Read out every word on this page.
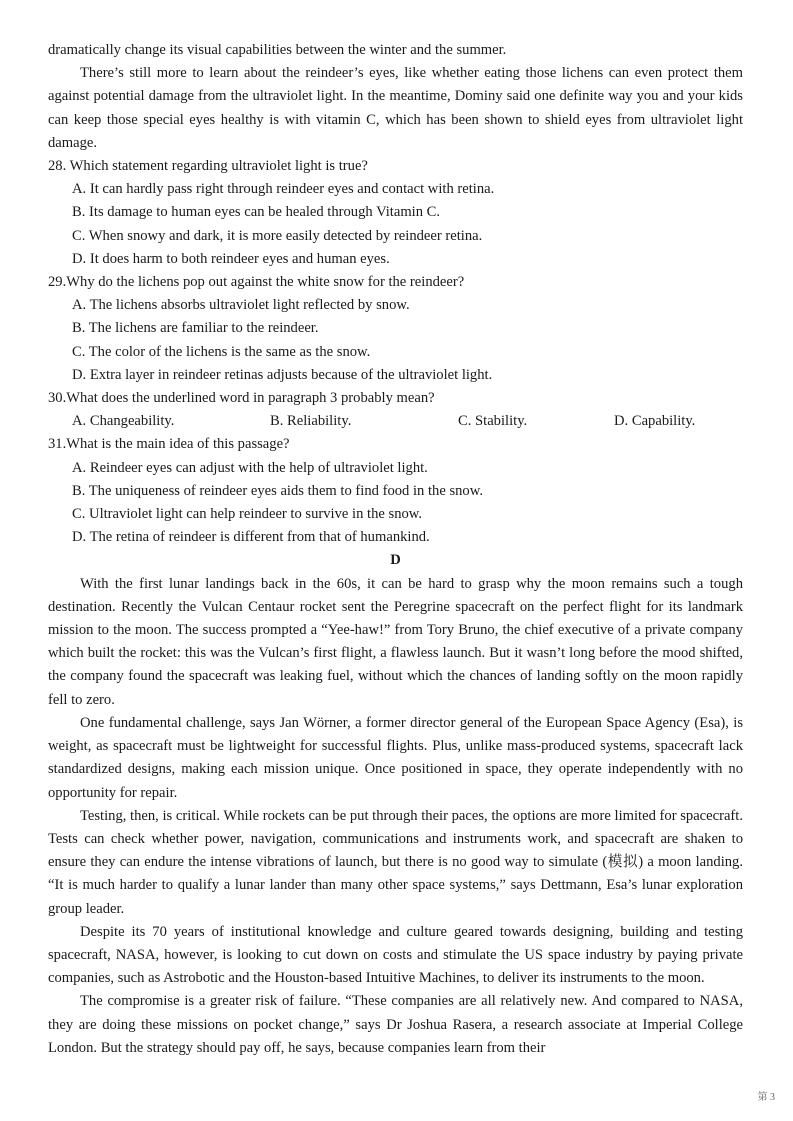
dramatically change its visual capabilities between the winter and the summer.

There’s still more to learn about the reindeer’s eyes, like whether eating those lichens can even protect them against potential damage from the ultraviolet light. In the meantime, Dominy said one definite way you and your kids can keep those special eyes healthy is with vitamin C, which has been shown to shield eyes from ultraviolet light damage.

28. Which statement regarding ultraviolet light is true?

A. It can hardly pass right through reindeer eyes and contact with retina.

B. Its damage to human eyes can be healed through Vitamin C.

C. When snowy and dark, it is more easily detected by reindeer retina.

D. It does harm to both reindeer eyes and human eyes.

29.Why do the lichens pop out against the white snow for the reindeer?

A. The lichens absorbs ultraviolet light reflected by snow.

B. The lichens are familiar to the reindeer.

C. The color of the lichens is the same as the snow.

D. Extra layer in reindeer retinas adjusts because of the ultraviolet light.

30.What does the underlined word in paragraph 3 probably mean?

A. Changeability.	B. Reliability.	C. Stability.	D. Capability.

31.What is the main idea of this passage?

A. Reindeer eyes can adjust with the help of ultraviolet light.

B. The uniqueness of reindeer eyes aids them to find food in the snow.

C. Ultraviolet light can help reindeer to survive in the snow.

D. The retina of reindeer is different from that of humankind.

D

With the first lunar landings back in the 60s, it can be hard to grasp why the moon remains such a tough destination. Recently the Vulcan Centaur rocket sent the Peregrine spacecraft on the perfect flight for its landmark mission to the moon. The success prompted a “Yee-haw!” from Tory Bruno, the chief executive of a private company which built the rocket: this was the Vulcan’s first flight, a flawless launch. But it wasn’t long before the mood shifted, the company found the spacecraft was leaking fuel, without which the chances of landing softly on the moon rapidly fell to zero.

One fundamental challenge, says Jan Wörner, a former director general of the European Space Agency (Esa), is weight, as spacecraft must be lightweight for successful flights. Plus, unlike mass-produced systems, spacecraft lack standardized designs, making each mission unique. Once positioned in space, they operate independently with no opportunity for repair.

Testing, then, is critical. While rockets can be put through their paces, the options are more limited for spacecraft. Tests can check whether power, navigation, communications and instruments work, and spacecraft are shaken to ensure they can endure the intense vibrations of launch, but there is no good way to simulate (模拟) a moon landing. “It is much harder to qualify a lunar lander than many other space systems,” says Dettmann, Esa’s lunar exploration group leader.

Despite its 70 years of institutional knowledge and culture geared towards designing, building and testing spacecraft, NASA, however, is looking to cut down on costs and stimulate the US space industry by paying private companies, such as Astrobotic and the Houston-based Intuitive Machines, to deliver its instruments to the moon.

The compromise is a greater risk of failure. “These companies are all relatively new. And compared to NASA, they are doing these missions on pocket change,” says Dr Joshua Rasera, a research associate at Imperial College London. But the strategy should pay off, he says, because companies learn from their

第 3
